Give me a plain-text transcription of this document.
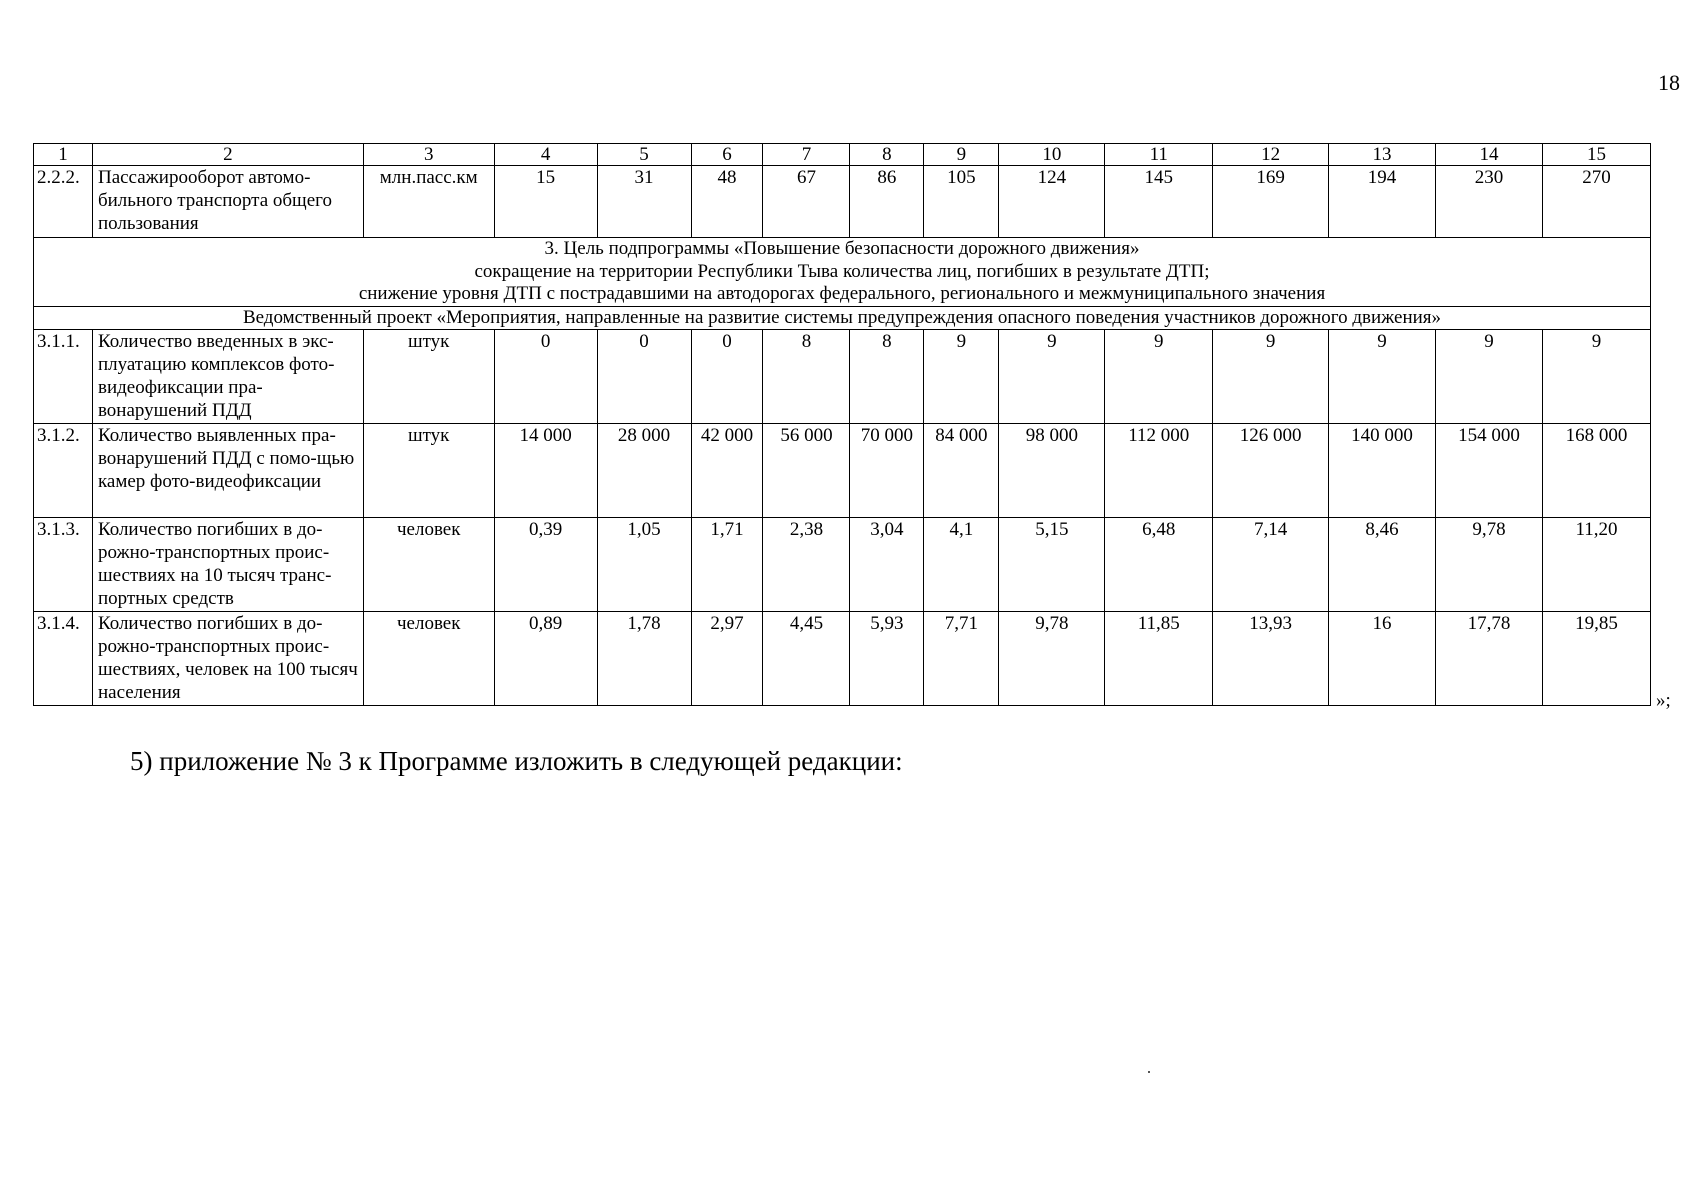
18
1	2	3	4	5	6	7	8	9	10	11	12	13	14	15
2.2.2.	Пассажирооборот автомо-бильного транспорта общего пользования	млн.пасс.км	15	31	48	67	86	105	124	145	169	194	230	270

3. Цель подпрограммы «Повышение безопасности дорожного движения»
сокращение на территории Республики Тыва количества лиц, погибших в результате ДТП;
снижение уровня ДТП с пострадавшими на автодорогах федерального, регионального и межмуниципального значения														

Ведомственный проект «Мероприятия, направленные на развитие системы предупреждения опасного поведения участников дорожного движения»														
3.1.1.	Количество введенных в экс-плуатацию комплексов фото-видеофиксации пра-вонарушений ПДД	штук	0	0	0	8	8	9	9	9	9	9	9	9
3.1.2.	Количество выявленных пра-вонарушений ПДД с помо-щью камер фото-видеофиксации	штук	14 000	28 000	42 000	56 000	70 000	84 000	98 000	112 000	126 000	140 000	154 000	168 000
3.1.3.	Количество погибших в до-рожно-транспортных проис-шествиях на 10 тысяч транс-портных средств	человек	0,39	1,05	1,71	2,38	3,04	4,1	5,15	6,48	7,14	8,46	9,78	11,20
3.1.4.	Количество погибших в до-рожно-транспортных проис-шествиях, человек на 100 тысяч населения	человек	0,89	1,78	2,97	4,45	5,93	7,71	9,78	11,85	13,93	16	17,78	19,85
»;
5) приложение № 3 к Программе изложить в следующей редакции:
